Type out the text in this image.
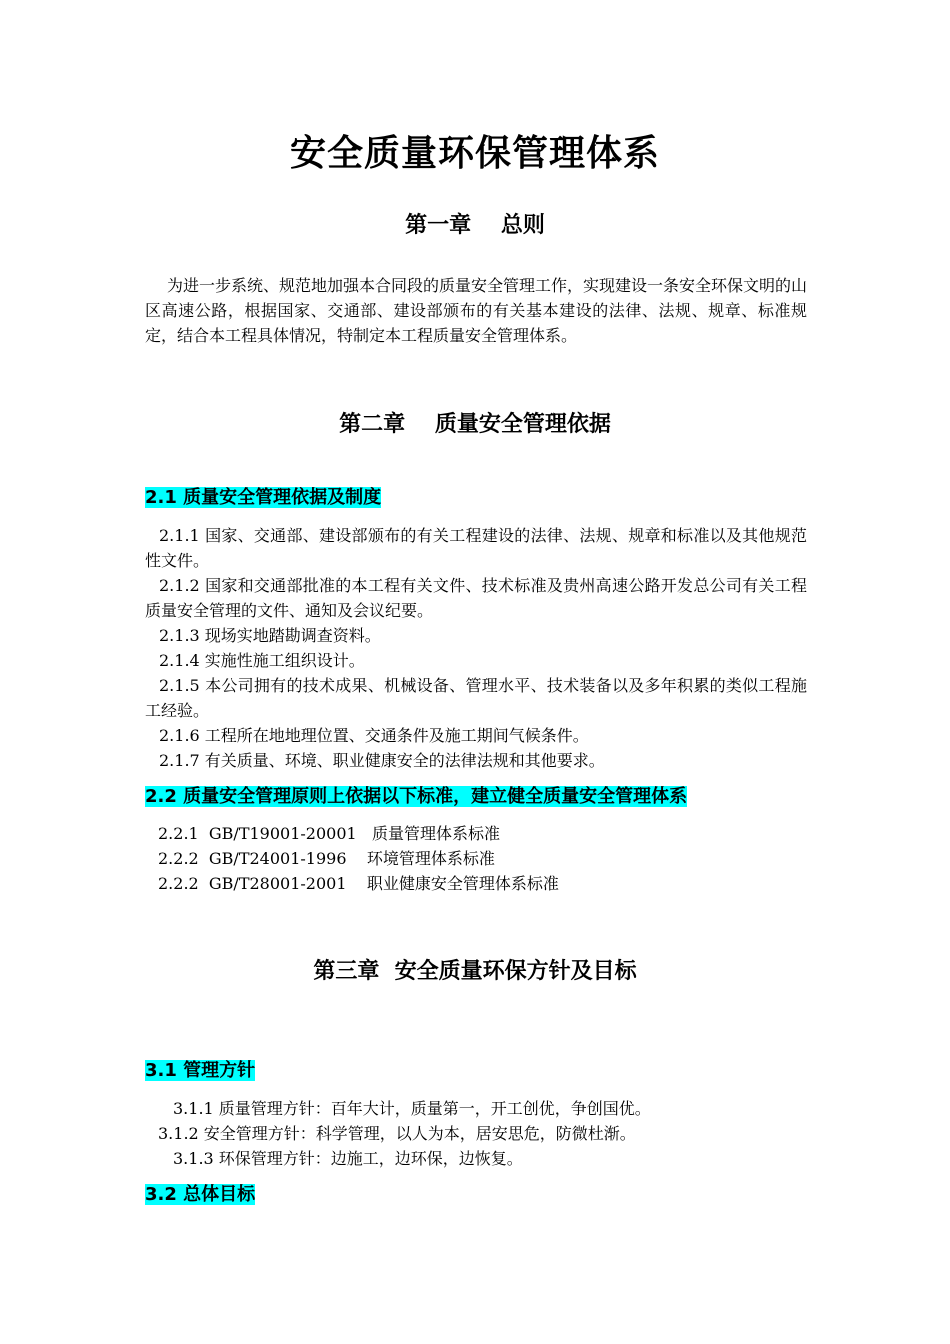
安全质量环保管理体系
第一章　 总则
为进一步系统、规范地加强本合同段的质量安全管理工作，实现建设一条安全环保文明的山区高速公路，根据国家、交通部、建设部颁布的有关基本建设的法律、法规、规章、标准规定，结合本工程具体情况，特制定本工程质量安全管理体系。
第二章　 质量安全管理依据
2.1 质量安全管理依据及制度
2.1.1 国家、交通部、建设部颁布的有关工程建设的法律、法规、规章和标准以及其他规范性文件。
2.1.2 国家和交通部批准的本工程有关文件、技术标准及贵州高速公路开发总公司有关工程质量安全管理的文件、通知及会议纪要。
2.1.3 现场实地踏勘调查资料。
2.1.4 实施性施工组织设计。
2.1.5 本公司拥有的技术成果、机械设备、管理水平、技术装备以及多年积累的类似工程施工经验。
2.1.6 工程所在地地理位置、交通条件及施工期间气候条件。
2.1.7 有关质量、环境、职业健康安全的法律法规和其他要求。
2.2 质量安全管理原则上依据以下标准，建立健全质量安全管理体系
2.2.1  GB/T19001-20001   质量管理体系标准
2.2.2  GB/T24001-1996    环境管理体系标准
2.2.2  GB/T28001-2001    职业健康安全管理体系标准
第三章  安全质量环保方针及目标
3.1 管理方针
3.1.1 质量管理方针：百年大计，质量第一，开工创优，争创国优。
3.1.2 安全管理方针：科学管理，以人为本，居安思危，防微杜渐。
3.1.3 环保管理方针：边施工，边环保，边恢复。
3.2 总体目标
